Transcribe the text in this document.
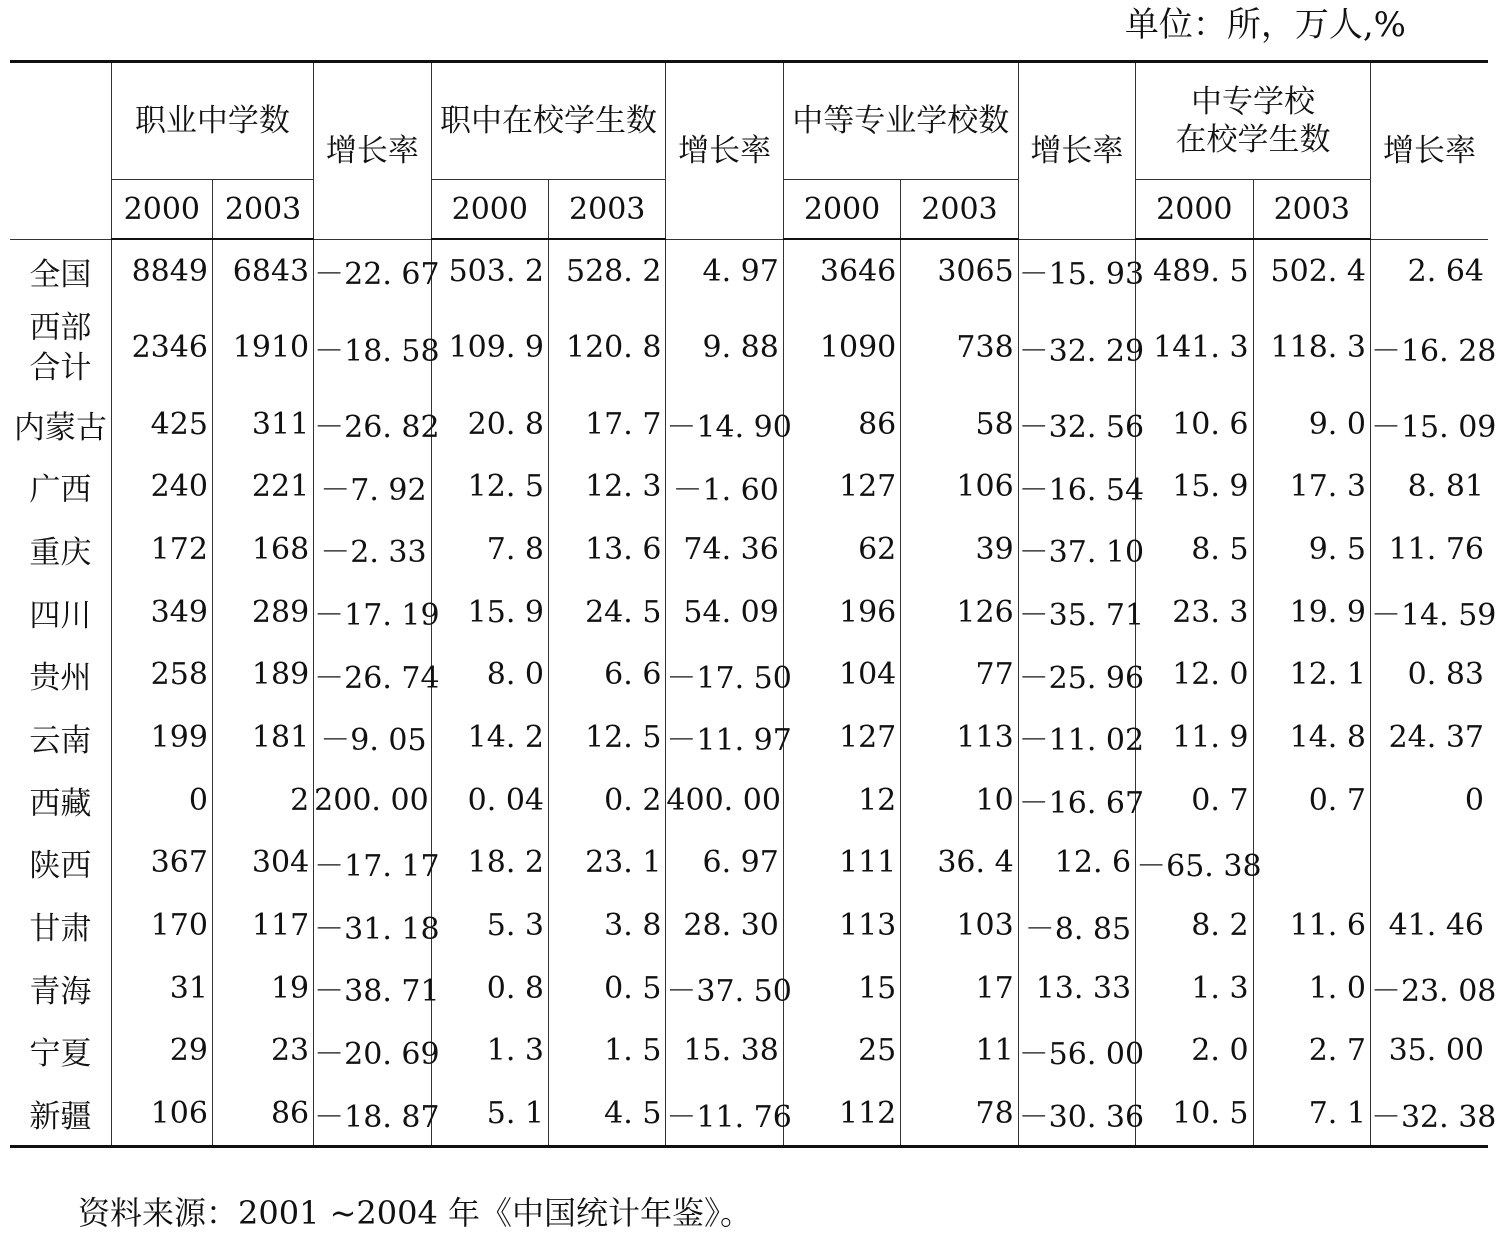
单位：所，万人,%
	职业中学数		增长率	职中在校学生数		增长率	中等专业学校数		增长率	中专学校
在校学生数		增长率
	2000	2003		2000	2003		2000	2003		2000	2003	
全国	8849	6843	－22. 67	503. 2	528. 2	4. 97	3646	3065	－15. 93	489. 5	502. 4	2. 64

西部
合计	2346	1910	－18. 58	109. 9	120. 8	9. 88	1090	738	－32. 29	141. 3	118. 3	－16. 28
内蒙古	425	311	－26. 82	20. 8	17. 7	－14. 90	86	58	－32. 56	10. 6	9. 0	－15. 09
广西	240	221	－7. 92	12. 5	12. 3	－1. 60	127	106	－16. 54	15. 9	17. 3	8. 81
重庆	172	168	－2. 33	7. 8	13. 6	74. 36	62	39	－37. 10	8. 5	9. 5	11. 76
四川	349	289	－17. 19	15. 9	24. 5	54. 09	196	126	－35. 71	23. 3	19. 9	－14. 59
贵州	258	189	－26. 74	8. 0	6. 6	－17. 50	104	77	－25. 96	12. 0	12. 1	0. 83
云南	199	181	－9. 05	14. 2	12. 5	－11. 97	127	113	－11. 02	11. 9	14. 8	24. 37
西藏	0	2	200. 00	0. 04	0. 2	400. 00	12	10	－16. 67	0. 7	0. 7	0
陕西	367	304	－17. 17	18. 2	23. 1	6. 97	111	36. 4	12. 6	－65. 38		
甘肃	170	117	－31. 18	5. 3	3. 8	28. 30	113	103	－8. 85	8. 2	11. 6	41. 46
青海	31	19	－38. 71	0. 8	0. 5	－37. 50	15	17	13. 33	1. 3	1. 0	－23. 08
宁夏	29	23	－20. 69	1. 3	1. 5	15. 38	25	11	－56. 00	2. 0	2. 7	35. 00
新疆	106	86	－18. 87	5. 1	4. 5	－11. 76	112	78	－30. 36	10. 5	7. 1	－32. 38
资料来源：2001 ~2004 年《中国统计年鉴》。
